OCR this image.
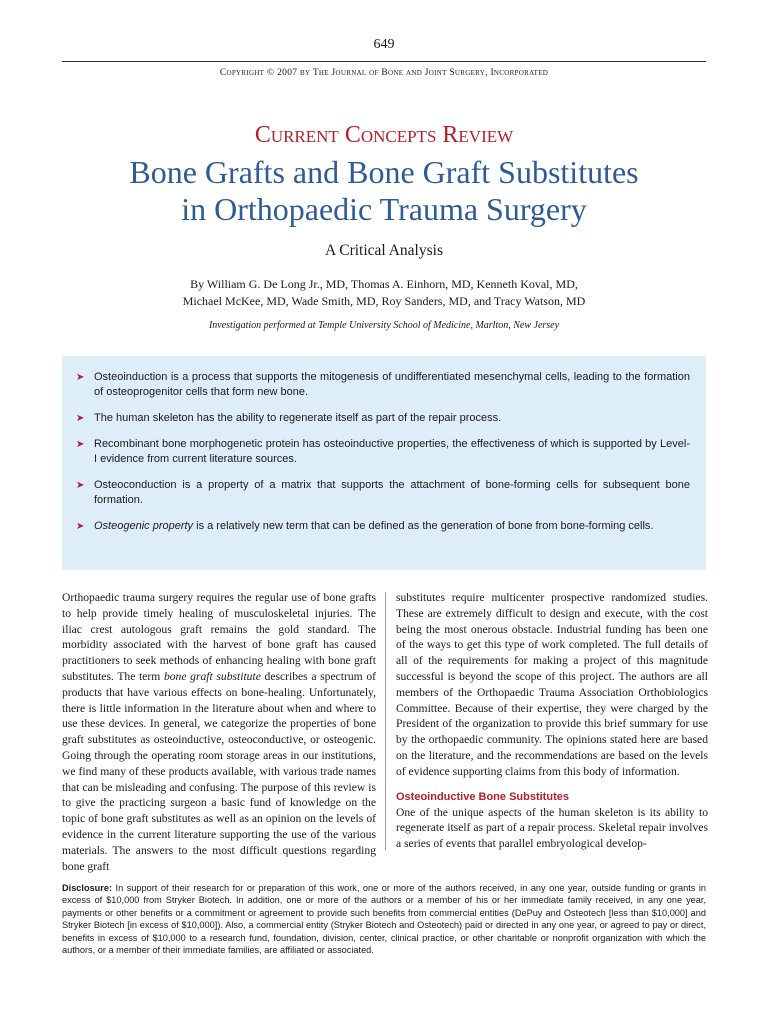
649
Copyright © 2007 by The Journal of Bone and Joint Surgery, Incorporated
Current Concepts Review
Bone Grafts and Bone Graft Substitutes
in Orthopaedic Trauma Surgery
A Critical Analysis
By William G. De Long Jr., MD, Thomas A. Einhorn, MD, Kenneth Koval, MD,
Michael McKee, MD, Wade Smith, MD, Roy Sanders, MD, and Tracy Watson, MD
Investigation performed at Temple University School of Medicine, Marlton, New Jersey
➤ Osteoinduction is a process that supports the mitogenesis of undifferentiated mesenchymal cells, leading to the formation of osteoprogenitor cells that form new bone.
➤ The human skeleton has the ability to regenerate itself as part of the repair process.
➤ Recombinant bone morphogenetic protein has osteoinductive properties, the effectiveness of which is supported by Level-I evidence from current literature sources.
➤ Osteoconduction is a property of a matrix that supports the attachment of bone-forming cells for subsequent bone formation.
➤ Osteogenic property is a relatively new term that can be defined as the generation of bone from bone-forming cells.

Orthopaedic trauma surgery requires the regular use of bone grafts to help provide timely healing of musculoskeletal injuries. The iliac crest autologous graft remains the gold standard. The morbidity associated with the harvest of bone graft has caused practitioners to seek methods of enhancing healing with bone graft substitutes. The term bone graft substitute describes a spectrum of products that have various effects on bone-healing. Unfortunately, there is little information in the literature about when and where to use these devices. In general, we categorize the properties of bone graft substitutes as osteoinductive, osteoconductive, or osteogenic. Going through the operating room storage areas in our institutions, we find many of these products available, with various trade names that can be misleading and confusing. The purpose of this review is to give the practicing surgeon a basic fund of knowledge on the topic of bone graft substitutes as well as an opinion on the levels of evidence in the current literature supporting the use of the various materials. The answers to the most difficult questions regarding bone graft

substitutes require multicenter prospective randomized studies. These are extremely difficult to design and execute, with the cost being the most onerous obstacle. Industrial funding has been one of the ways to get this type of work completed. The full details of all of the requirements for making a project of this magnitude successful is beyond the scope of this project. The authors are all members of the Orthopaedic Trauma Association Orthobiologics Committee. Because of their expertise, they were charged by the President of the organization to provide this brief summary for use by the orthopaedic community. The opinions stated here are based on the literature, and the recommendations are based on the levels of evidence supporting claims from this body of information.

Osteoinductive Bone Substitutes

One of the unique aspects of the human skeleton is its ability to regenerate itself as part of a repair process. Skeletal repair involves a series of events that parallel embryological develop-

Disclosure: In support of their research for or preparation of this work, one or more of the authors received, in any one year, outside funding or grants in excess of $10,000 from Stryker Biotech. In addition, one or more of the authors or a member of his or her immediate family received, in any one year, payments or other benefits or a commitment or agreement to provide such benefits from commercial entities (DePuy and Osteotech [less than $10,000] and Stryker Biotech [in excess of $10,000]). Also, a commercial entity (Stryker Biotech and Osteotech) paid or directed in any one year, or agreed to pay or direct, benefits in excess of $10,000 to a research fund, foundation, division, center, clinical practice, or other charitable or nonprofit organization with which the authors, or a member of their immediate families, are affiliated or associated.
